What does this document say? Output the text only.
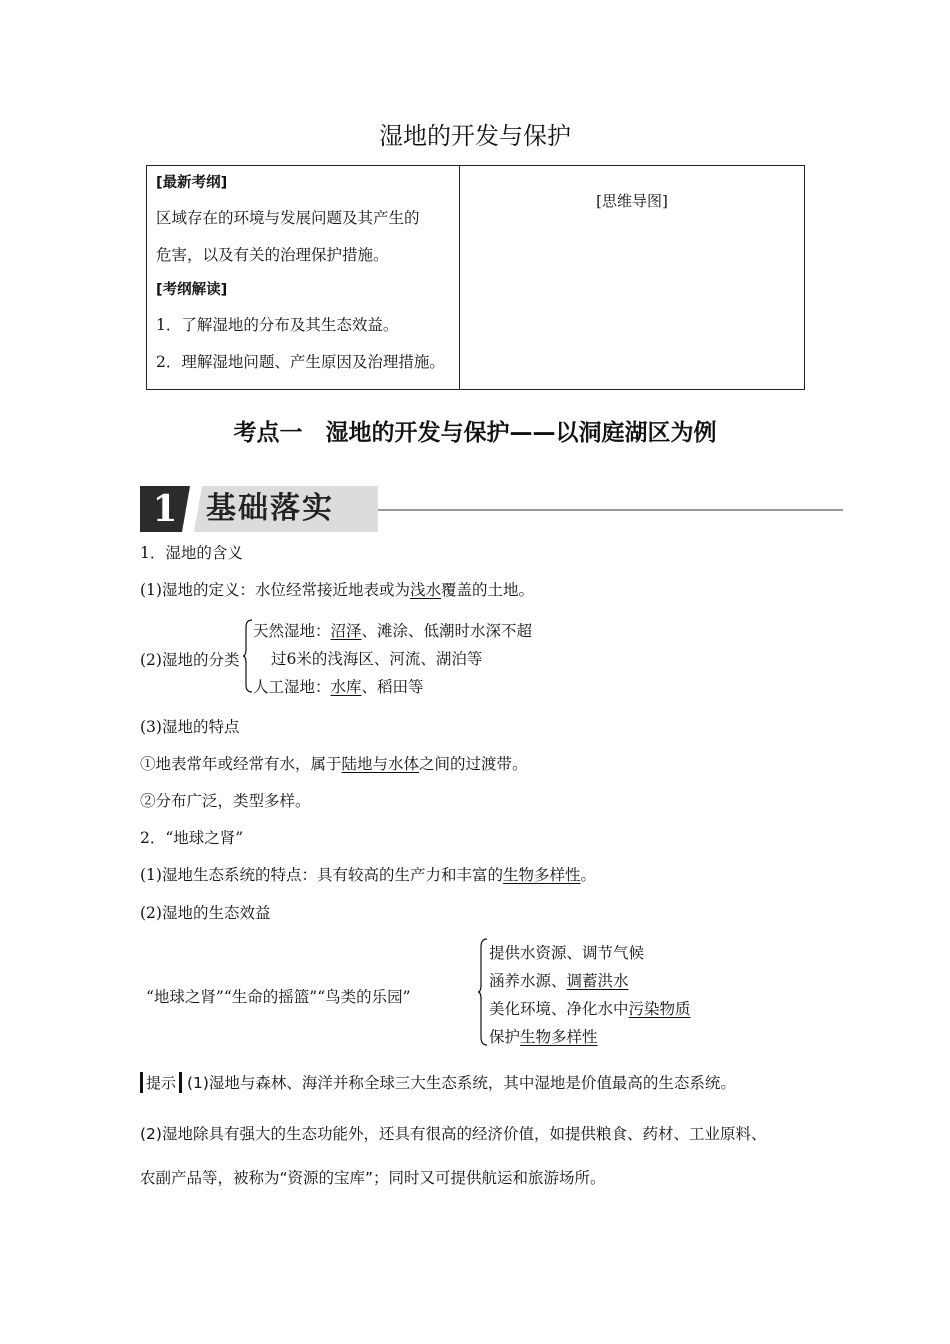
湿地的开发与保护
[最新考纲]
区域存在的环境与发展问题及其产生的
危害，以及有关的治理保护措施。
[考纲解读]
1．了解湿地的分布及其生态效益。
2．理解湿地问题、产生原因及治理措施。

[思维导图]
考点一　湿地的开发与保护——以洞庭湖区为例
1 基础落实
1．湿地的含义
(1)湿地的定义：水位经常接近地表或为浅水覆盖的土地。
(2)湿地的分类
天然湿地：沼泽、滩涂、低潮时水深不超
过6米的浅海区、河流、湖泊等
人工湿地：水库、稻田等
(3)湿地的特点
①地表常年或经常有水，属于陆地与水体之间的过渡带。
②分布广泛，类型多样。
2．“地球之肾”
(1)湿地生态系统的特点：具有较高的生产力和丰富的生物多样性。
(2)湿地的生态效益
“地球之肾”“生命的摇篮”“鸟类的乐园”
提供水资源、调节气候
涵养水源、调蓄洪水
美化环境、净化水中污染物质
保护生物多样性
提示 (1)湿地与森林、海洋并称全球三大生态系统，其中湿地是价值最高的生态系统。
(2)湿地除具有强大的生态功能外，还具有很高的经济价值，如提供粮食、药材、工业原料、
农副产品等，被称为“资源的宝库”；同时又可提供航运和旅游场所。
